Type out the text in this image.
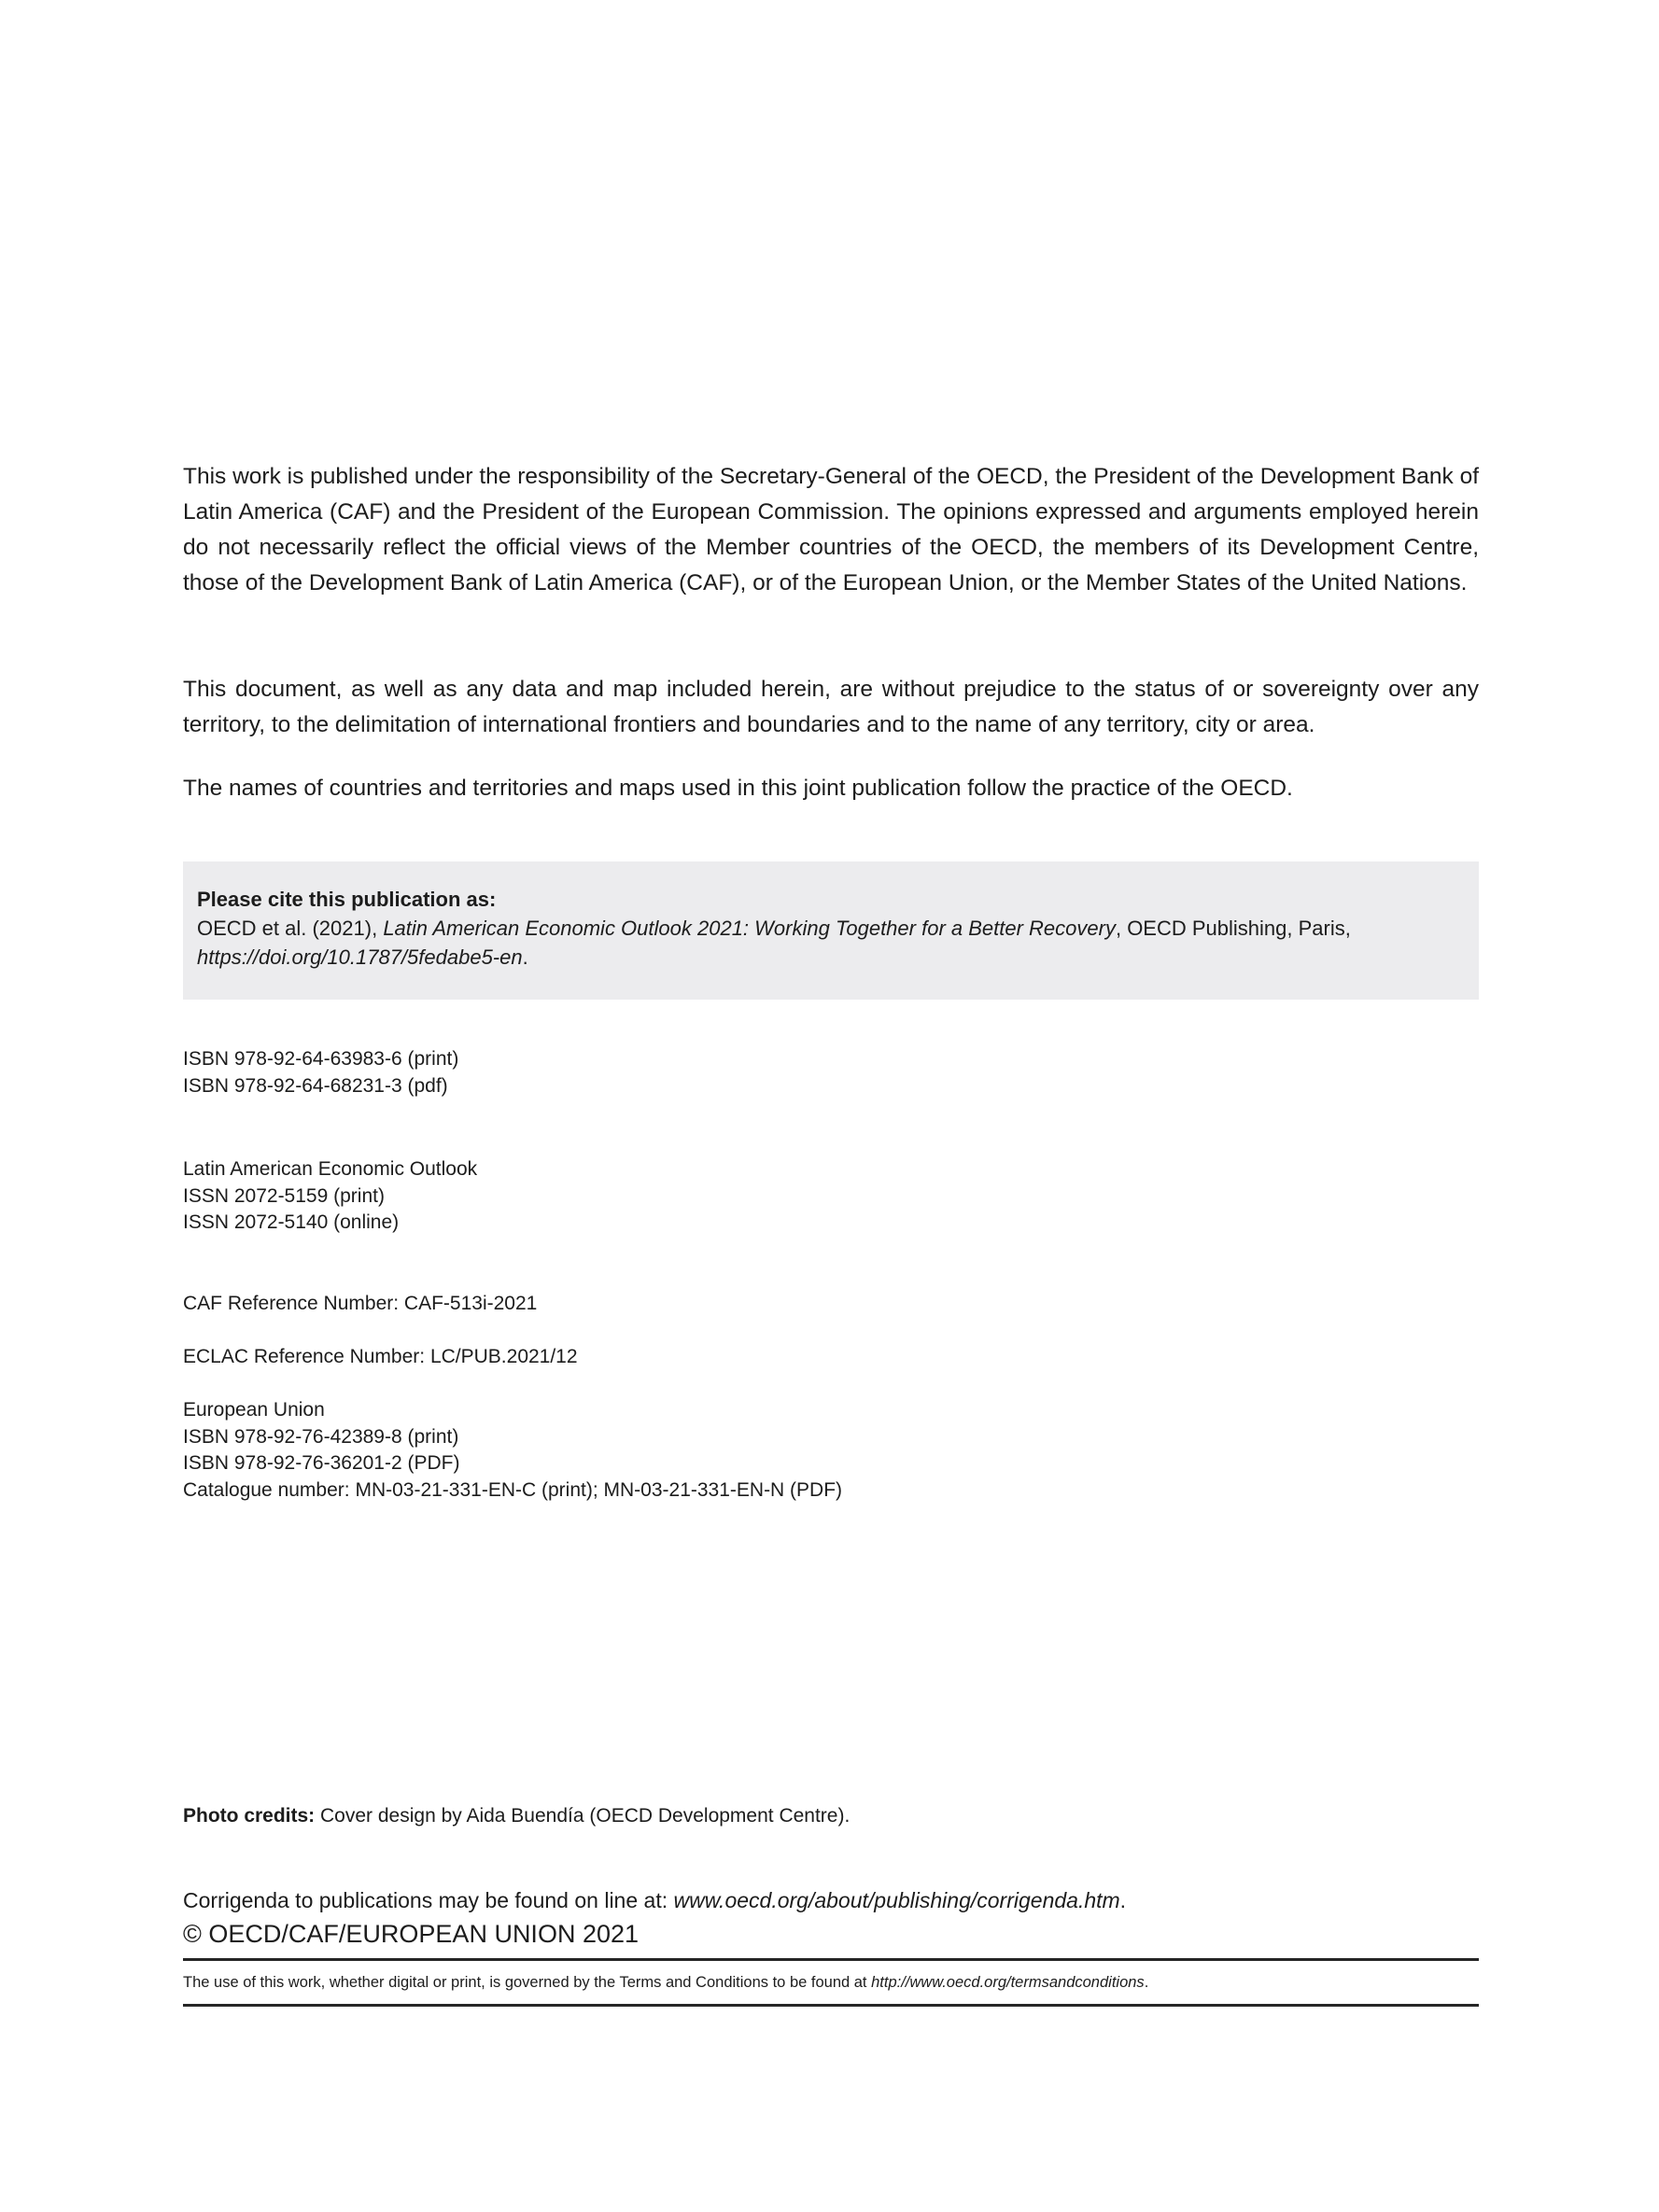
This work is published under the responsibility of the Secretary-General of the OECD, the President of the Development Bank of Latin America (CAF) and the President of the European Commission. The opinions expressed and arguments employed herein do not necessarily reflect the official views of the Member countries of the OECD, the members of its Development Centre, those of the Development Bank of Latin America (CAF), or of the European Union, or the Member States of the United Nations.

This document, as well as any data and map included herein, are without prejudice to the status of or sovereignty over any territory, to the delimitation of international frontiers and boundaries and to the name of any territory, city or area.

The names of countries and territories and maps used in this joint publication follow the practice of the OECD.

Please cite this publication as:

OECD et al. (2021), Latin American Economic Outlook 2021: Working Together for a Better Recovery, OECD Publishing, Paris,

https://doi.org/10.1787/5fedabe5-en.

ISBN 978-92-64-63983-6 (print)

ISBN 978-92-64-68231-3 (pdf)

Latin American Economic Outlook

ISSN 2072-5159 (print)

ISSN 2072-5140 (online)

CAF Reference Number: CAF-513i-2021

ECLAC Reference Number: LC/PUB.2021/12

European Union

ISBN 978-92-76-42389-8 (print)

ISBN 978-92-76-36201-2 (PDF)

Catalogue number: MN-03-21-331-EN-C (print); MN-03-21-331-EN-N (PDF)

Photo credits: Cover design by Aida Buendía (OECD Development Centre).

Corrigenda to publications may be found on line at: www.oecd.org/about/publishing/corrigenda.htm.

© OECD/CAF/EUROPEAN UNION 2021

The use of this work, whether digital or print, is governed by the Terms and Conditions to be found at http://www.oecd.org/termsandconditions.
